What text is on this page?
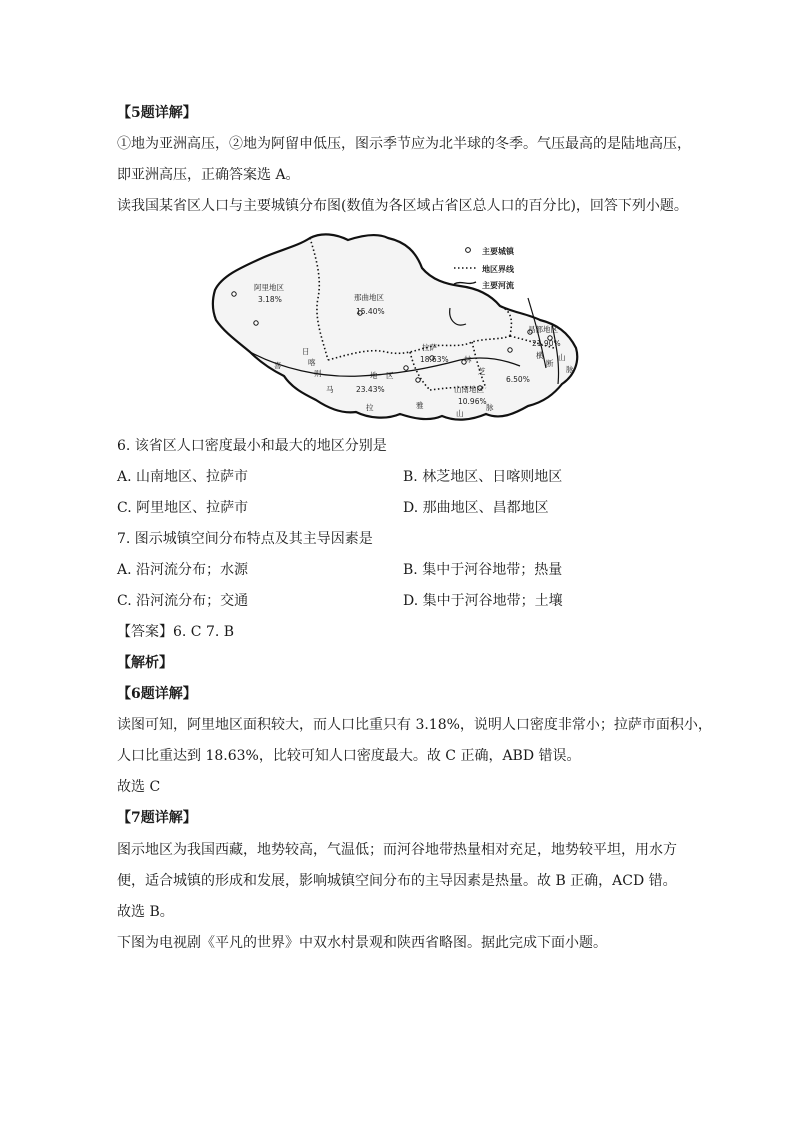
【5题详解】
①地为亚洲高压，②地为阿留申低压，图示季节应为北半球的冬季。气压最高的是陆地高压，
即亚洲高压，正确答案选 A。
读我国某省区人口与主要城镇分布图(数值为各区域占省区总人口的百分比)，回答下列小题。
主要城镇
地区界线
主要河流
阿里地区
3.18%	那曲地区
15.40%
昌都地区
21.90%
拉萨
18.63%
山南地区
10.96%
23.43%
6.50%
日
喀
则	地 区
喜
马
拉	雅
山
脉
林
芝
横
断
山
脉
6. 该省区人口密度最小和最大的地区分别是
A. 山南地区、拉萨市	B. 林芝地区、日喀则地区
C. 阿里地区、拉萨市	D. 那曲地区、昌都地区
7. 图示城镇空间分布特点及其主导因素是
A. 沿河流分布；水源	B. 集中于河谷地带；热量
C. 沿河流分布；交通	D. 集中于河谷地带；土壤
【答案】6. C 7. B
【解析】
【6题详解】
读图可知，阿里地区面积较大，而人口比重只有 3.18%，说明人口密度非常小；拉萨市面积小，
人口比重达到 18.63%，比较可知人口密度最大。故 C 正确，ABD 错误。
故选 C
【7题详解】
图示地区为我国西藏，地势较高，气温低；而河谷地带热量相对充足，地势较平坦，用水方
便，适合城镇的形成和发展，影响城镇空间分布的主导因素是热量。故 B 正确，ACD 错。
故选 B。
下图为电视剧《平凡的世界》中双水村景观和陕西省略图。据此完成下面小题。
